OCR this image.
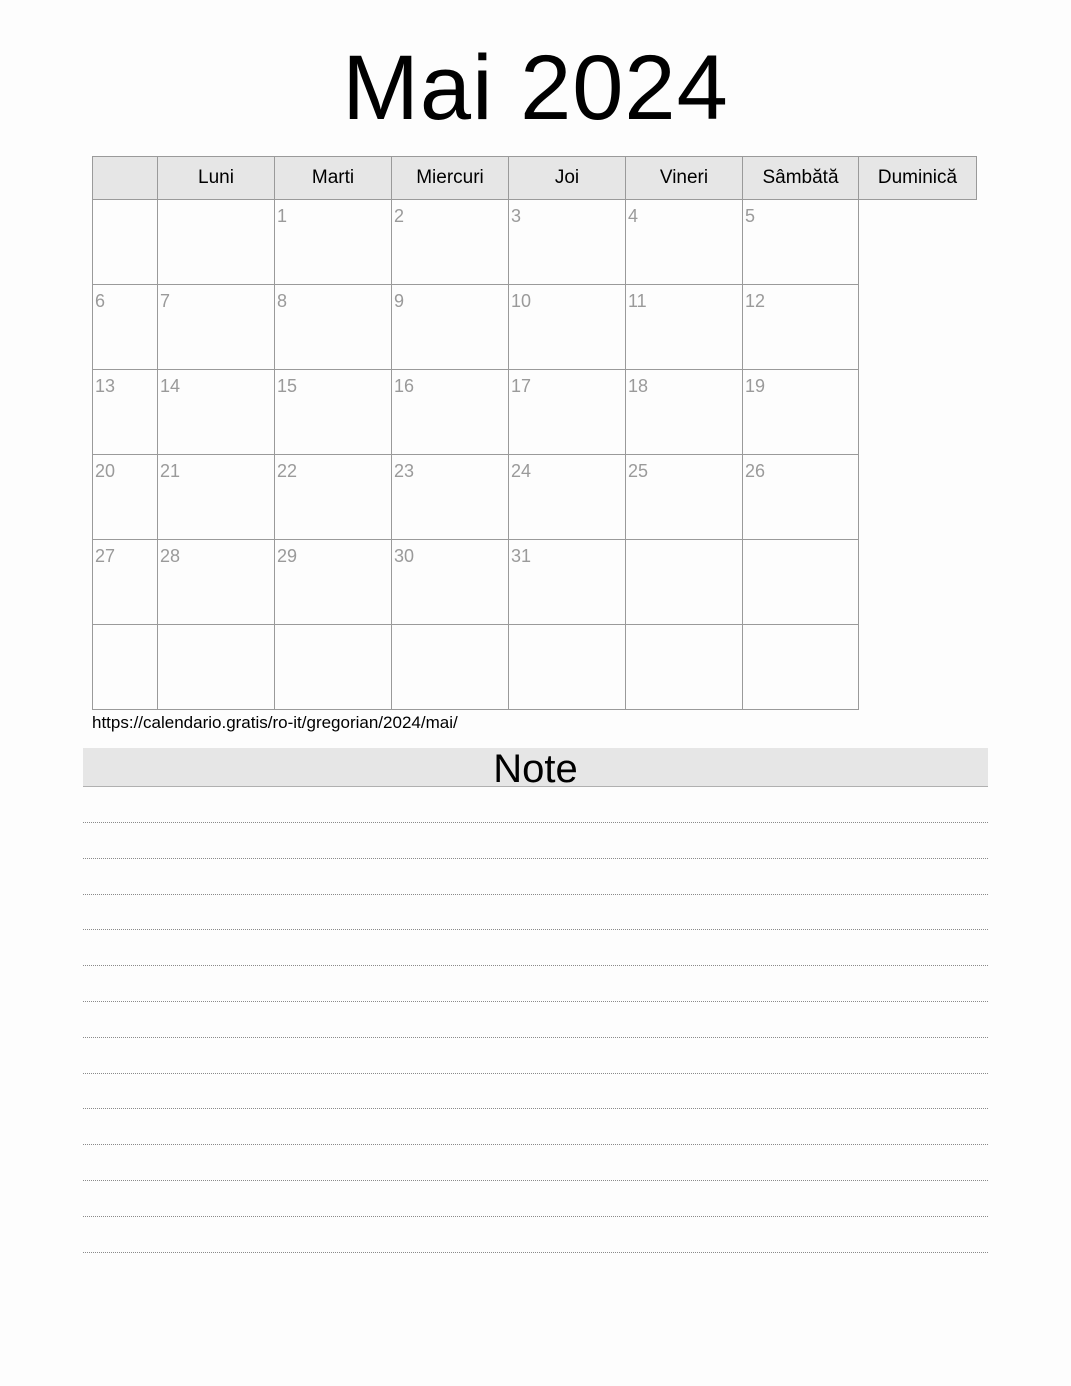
Mai 2024
	Luni	Marti	Miercuri	Joi	Vineri	Sâmbătă	Duminică

		1	2	3	4	5	

6	7	8	9	10	11	12	

13	14	15	16	17	18	19	

20	21	22	23	24	25	26	

27	28	29	30	31			

https://calendario.gratis/ro-it/gregorian/2024/mai/
Note
